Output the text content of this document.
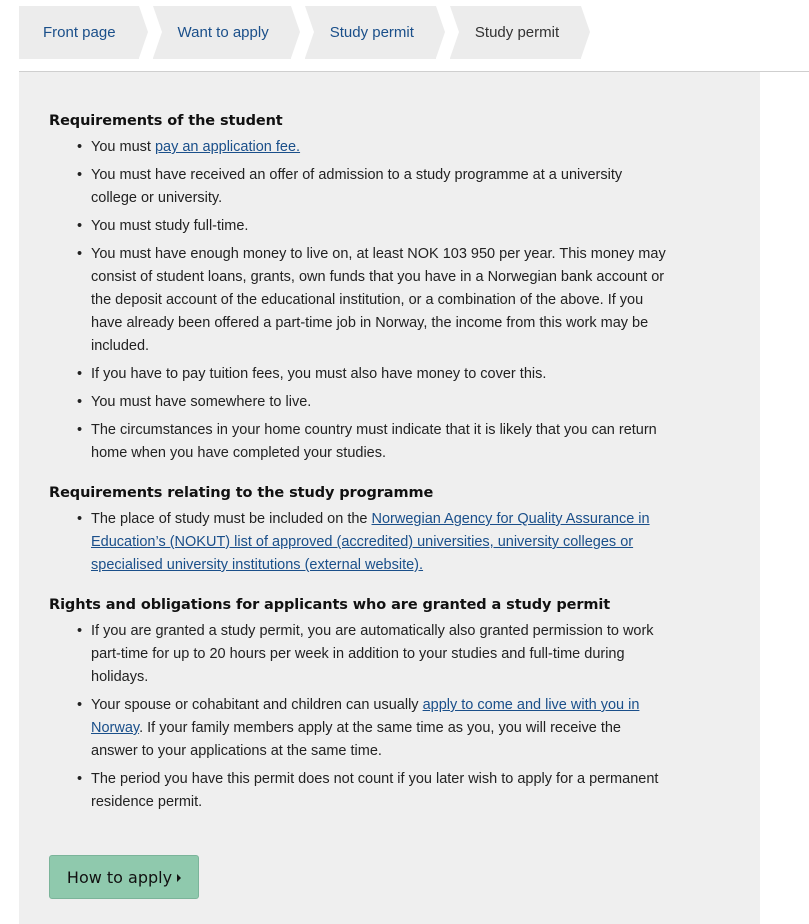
Front page	Want to apply	Study permit	Study permit
Requirements of the student
• You must pay an application fee.
• You must have received an offer of admission to a study programme at a university college or university.
• You must study full-time.
• You must have enough money to live on, at least NOK 103 950 per year. This money may consist of student loans, grants, own funds that you have in a Norwegian bank account or the deposit account of the educational institution, or a combination of the above. If you have already been offered a part-time job in Norway, the income from this work may be included.
• If you have to pay tuition fees, you must also have money to cover this.
• You must have somewhere to live.
• The circumstances in your home country must indicate that it is likely that you can return home when you have completed your studies.
Requirements relating to the study programme
• The place of study must be included on the Norwegian Agency for Quality Assurance in Education’s (NOKUT) list of approved (accredited) universities, university colleges or specialised university institutions (external website).
Rights and obligations for applicants who are granted a study permit
• If you are granted a study permit, you are automatically also granted permission to work part-time for up to 20 hours per week in addition to your studies and full-time during holidays.
• Your spouse or cohabitant and children can usually apply to come and live with you in Norway. If your family members apply at the same time as you, you will receive the answer to your applications at the same time.
• The period you have this permit does not count if you later wish to apply for a permanent residence permit.
How to apply
